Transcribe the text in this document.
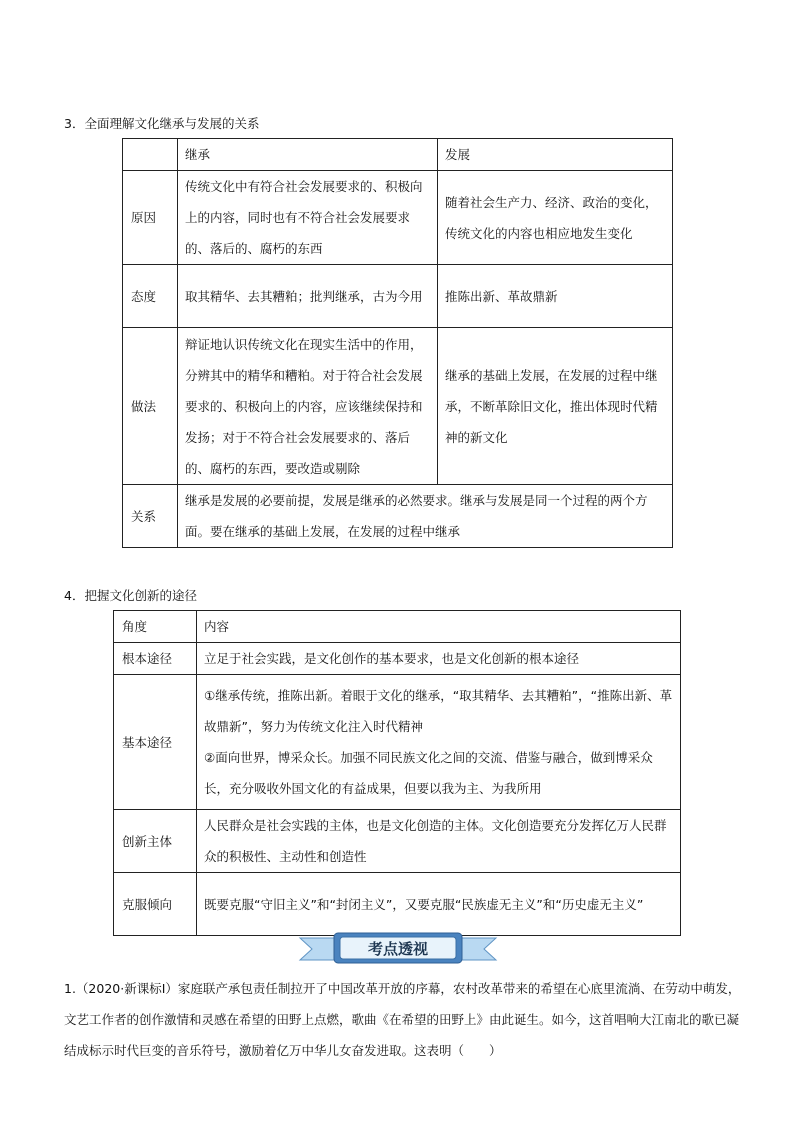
3．全面理解文化继承与发展的关系
	继承	发展
原因	传统文化中有符合社会发展要求的、积极向上的内容，同时也有不符合社会发展要求的、落后的、腐朽的东西	随着社会生产力、经济、政治的变化，传统文化的内容也相应地发生变化
态度	取其精华、去其糟粕；批判继承，古为今用	推陈出新、革故鼎新
做法	辩证地认识传统文化在现实生活中的作用，分辨其中的精华和糟粕。对于符合社会发展要求的、积极向上的内容，应该继续保持和发扬；对于不符合社会发展要求的、落后的、腐朽的东西，要改造或剔除	继承的基础上发展，在发展的过程中继承，不断革除旧文化，推出体现时代精神的新文化
关系	继承是发展的必要前提，发展是继承的必然要求。继承与发展是同一个过程的两个方面。要在继承的基础上发展，在发展的过程中继承	
4．把握文化创新的途径
角度	内容
根本途径	立足于社会实践，是文化创作的基本要求，也是文化创新的根本途径
基本途径	①继承传统，推陈出新。着眼于文化的继承，“取其精华、去其糟粕”，“推陈出新、革故鼎新”，努力为传统文化注入时代精神
②面向世界，博采众长。加强不同民族文化之间的交流、借鉴与融合，做到博采众长，充分吸收外国文化的有益成果，但要以我为主、为我所用

创新主体	人民群众是社会实践的主体，也是文化创造的主体。文化创造要充分发挥亿万人民群众的积极性、主动性和创造性
克服倾向	既要克服“守旧主义”和“封闭主义”，又要克服“民族虚无主义”和“历史虚无主义”
考点透视
1.（2020·新课标Ⅰ）家庭联产承包责任制拉开了中国改革开放的序幕，农村改革带来的希望在心底里流淌、在劳动中萌发，文艺工作者的创作激情和灵感在希望的田野上点燃，歌曲《在希望的田野上》由此诞生。如今，这首唱响大江南北的歌已凝结成标示时代巨变的音乐符号，激励着亿万中华儿女奋发进取。这表明（　　）
